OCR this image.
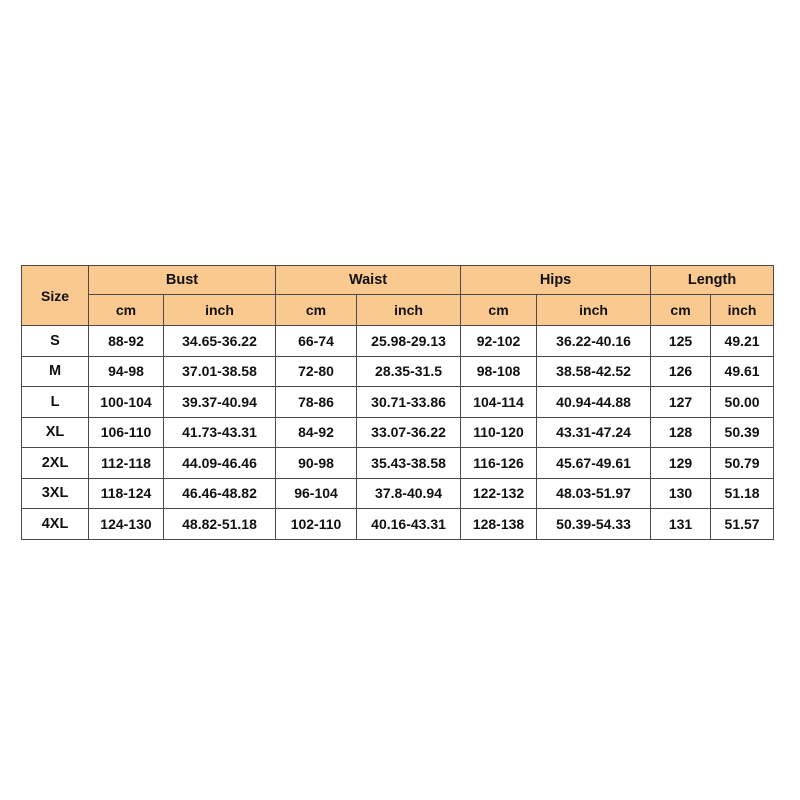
Size	Bust		Waist		Hips		Length	
	cm	inch	cm	inch	cm	inch	cm	inch
S	88-92	34.65-36.22	66-74	25.98-29.13	92-102	36.22-40.16	125	49.21
M	94-98	37.01-38.58	72-80	28.35-31.5	98-108	38.58-42.52	126	49.61
L	100-104	39.37-40.94	78-86	30.71-33.86	104-114	40.94-44.88	127	50.00
XL	106-110	41.73-43.31	84-92	33.07-36.22	110-120	43.31-47.24	128	50.39
2XL	112-118	44.09-46.46	90-98	35.43-38.58	116-126	45.67-49.61	129	50.79
3XL	118-124	46.46-48.82	96-104	37.8-40.94	122-132	48.03-51.97	130	51.18
4XL	124-130	48.82-51.18	102-110	40.16-43.31	128-138	50.39-54.33	131	51.57
